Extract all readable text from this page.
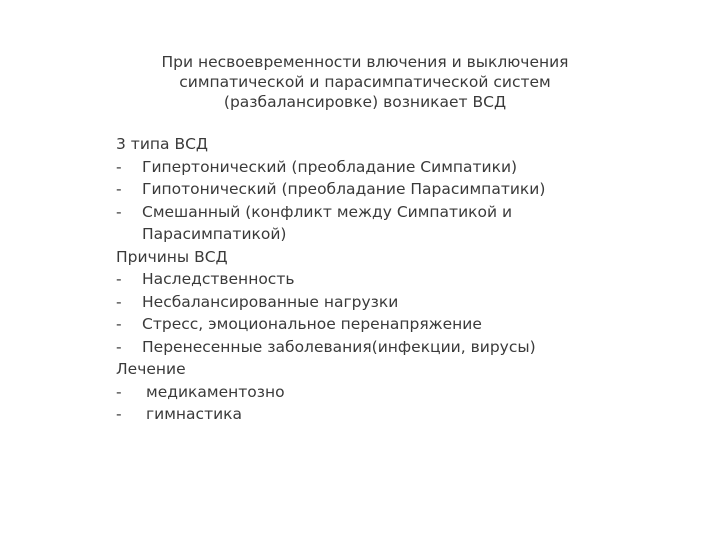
При несвоевременности влючения и выключения
симпатической и парасимпатической систем
(разбалансировке) возникает ВСД
3 типа ВСД
- Гипертонический (преобладание Симпатики)
- Гипотонический (преобладание Парасимпатики)
- Смешанный (конфликт между Симпатикой и Парасимпатикой)
Причины ВСД
- Наследственность
- Несбалансированные нагрузки
- Стресс, эмоциональное перенапряжение
- Перенесенные заболевания(инфекции, вирусы)
Лечение
- медикаментозно
- гимнастика
